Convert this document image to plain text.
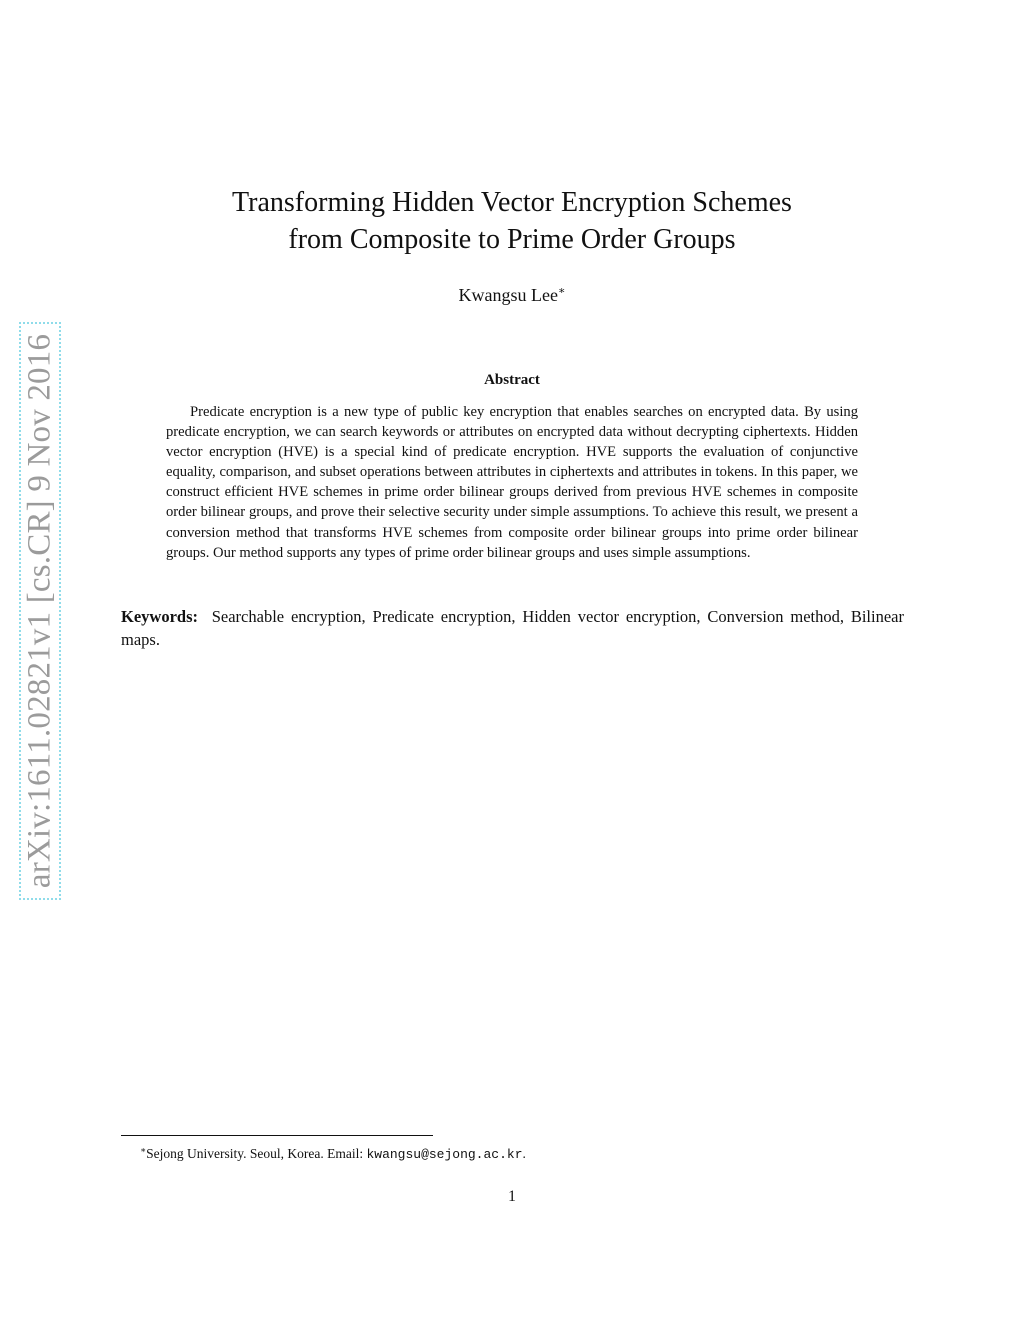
arXiv:1611.02821v1 [cs.CR] 9 Nov 2016
Transforming Hidden Vector Encryption Schemes
from Composite to Prime Order Groups
Kwangsu Lee∗
Abstract
Predicate encryption is a new type of public key encryption that enables searches on encrypted data. By using predicate encryption, we can search keywords or attributes on encrypted data without decrypting ciphertexts. Hidden vector encryption (HVE) is a special kind of predicate encryption. HVE supports the evaluation of conjunctive equality, comparison, and subset operations between attributes in ciphertexts and attributes in tokens. In this paper, we construct efficient HVE schemes in prime order bilinear groups derived from previous HVE schemes in composite order bilinear groups, and prove their selective security under simple assumptions. To achieve this result, we present a conversion method that transforms HVE schemes from composite order bilinear groups into prime order bilinear groups. Our method supports any types of prime order bilinear groups and uses simple assumptions.
Keywords: Searchable encryption, Predicate encryption, Hidden vector encryption, Conversion method, Bilinear maps.
∗Sejong University. Seoul, Korea. Email: kwangsu@sejong.ac.kr.
1
